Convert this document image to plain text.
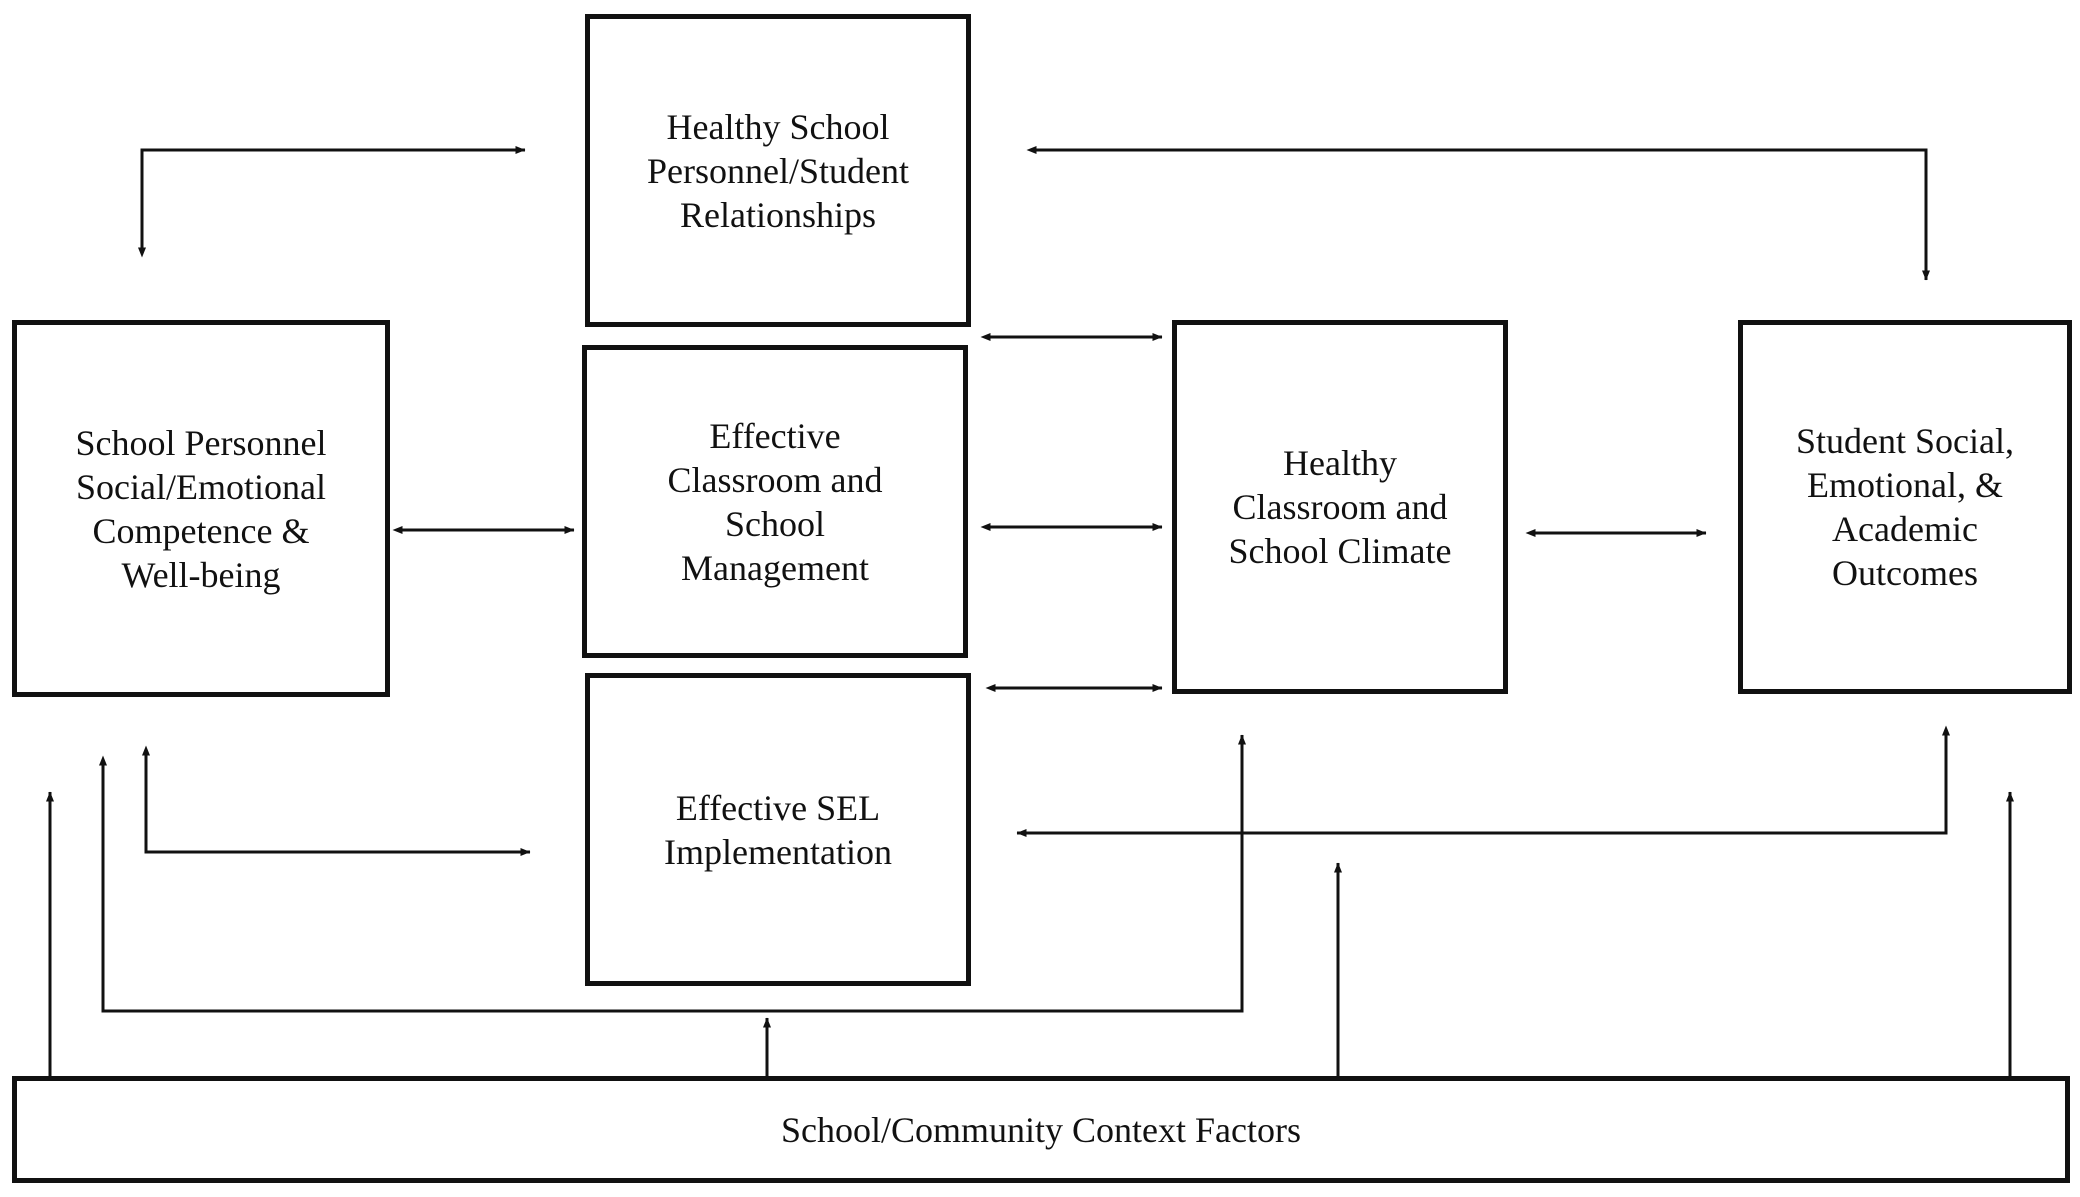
Healthy School
Personnel/Student
Relationships
Effective
Classroom and
School
Management
Effective SEL
Implementation
School Personnel
Social/Emotional
Competence &
Well-being
Healthy
Classroom and
School Climate
Student Social,
Emotional, &
Academic
Outcomes
School/Community Context Factors
